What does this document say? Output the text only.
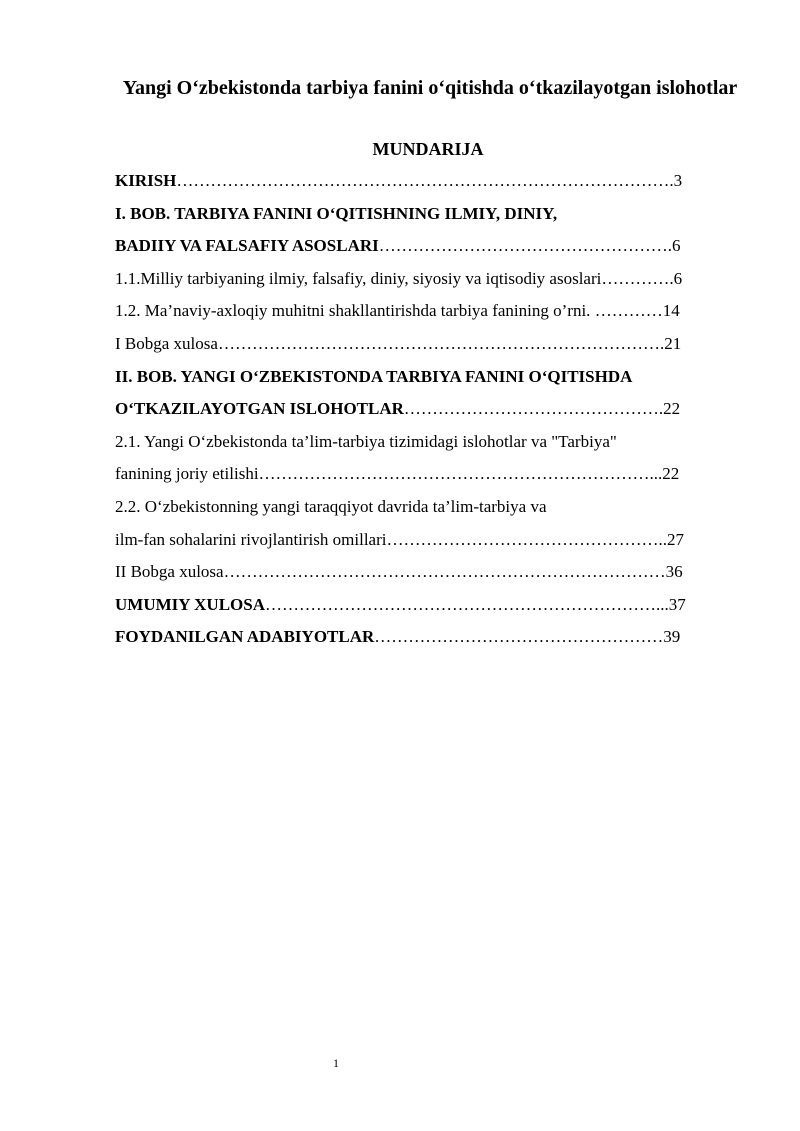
Yangi O‘zbekistonda tarbiya fanini o‘qitishda o‘tkazilayotgan islohotlar
MUNDARIJA
KIRISH…………………………………………………………………………….3
I. BOB. TARBIYA FANINI O‘QITISHNING ILMIY, DINIY,
BADIIY VA FALSAFIY ASOSLARI…………………………………………….6
1.1.Milliy tarbiyaning ilmiy, falsafiy, diniy, siyosiy va iqtisodiy asoslari………….6
1.2. Ma’naviy-axloqiy muhitni shakllantirishda tarbiya fanining o’rni. …………14
I Bobga xulosa…………………………………………………………………….21
II. BOB. YANGI O‘ZBEKISTONDA TARBIYA FANINI O‘QITISHDA
O‘TKAZILAYOTGAN ISLOHOTLAR……………………………………….22
2.1. Yangi O‘zbekistonda ta’lim-tarbiya tizimidagi islohotlar va "Tarbiya"
fanining joriy etilishi……………………………………………………………...22
2.2. O‘zbekistonning yangi taraqqiyot davrida ta’lim-tarbiya va
ilm-fan sohalarini rivojlantirish omillari…………………………………………..27
II Bobga xulosa……………………………………………………………………36
UMUMIY XULOSA……………………………………………………………...37
FOYDANILGAN ADABIYOTLAR……………………………………………39
1
